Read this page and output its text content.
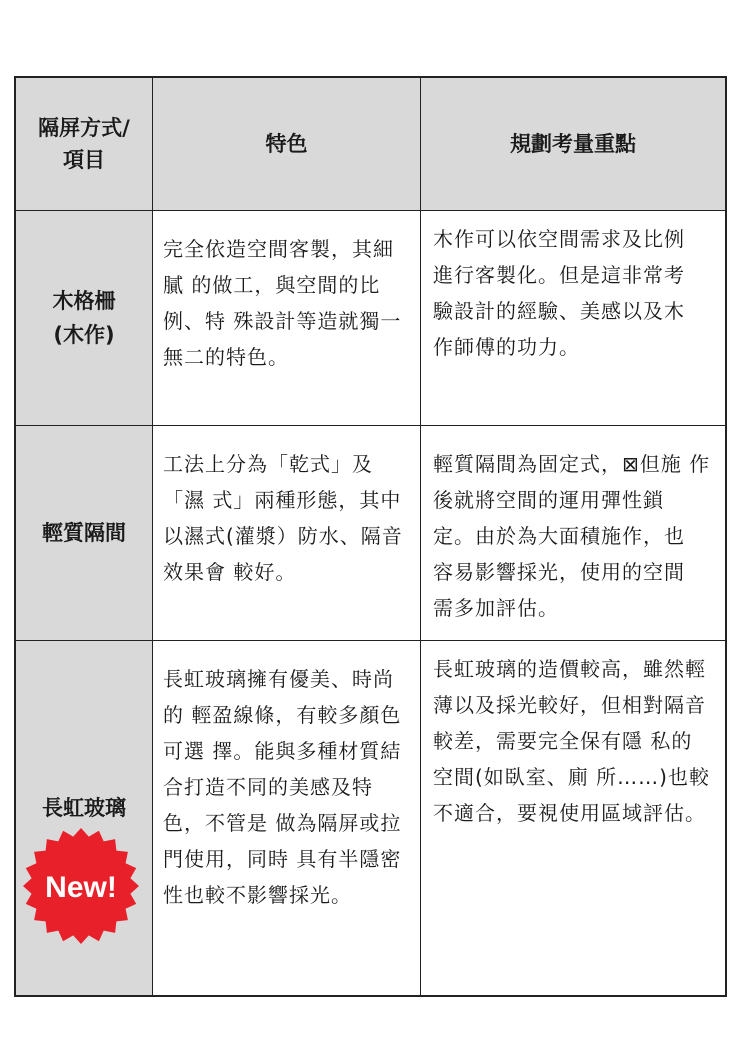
隔屏方式/
項目
特色	規劃考量重點
木格柵
(木作)
完全依造空間客製，其細膩 的做工，與空間的比例、特 殊設計等造就獨一無二的特色。
木作可以依空間需求及比例 進行客製化。但是這非常考 驗設計的經驗、美感以及木 作師傅的功力。
輕質隔間
工法上分為「乾式」及「濕 式」兩種形態，其中以濕式(灌漿）防水、隔音效果會 較好。
輕質隔間為固定式，⊠但施 作後就將空間的運用彈性鎖 定。由於為大面積施作，也 容易影響採光，使用的空間 需多加評估。
長虹玻璃
New!
長虹玻璃擁有優美、時尚的 輕盈線條，有較多顏色可選 擇。能與多種材質結合打造不同的美感及特色，不管是 做為隔屏或拉門使用，同時 具有半隱密性也較不影響採光。
長虹玻璃的造價較高，雖然輕薄以及採光較好，但相對隔音較差，需要完全保有隱 私的空間(如臥室、廁 所……)也較不適合，要視使用區域評估。
